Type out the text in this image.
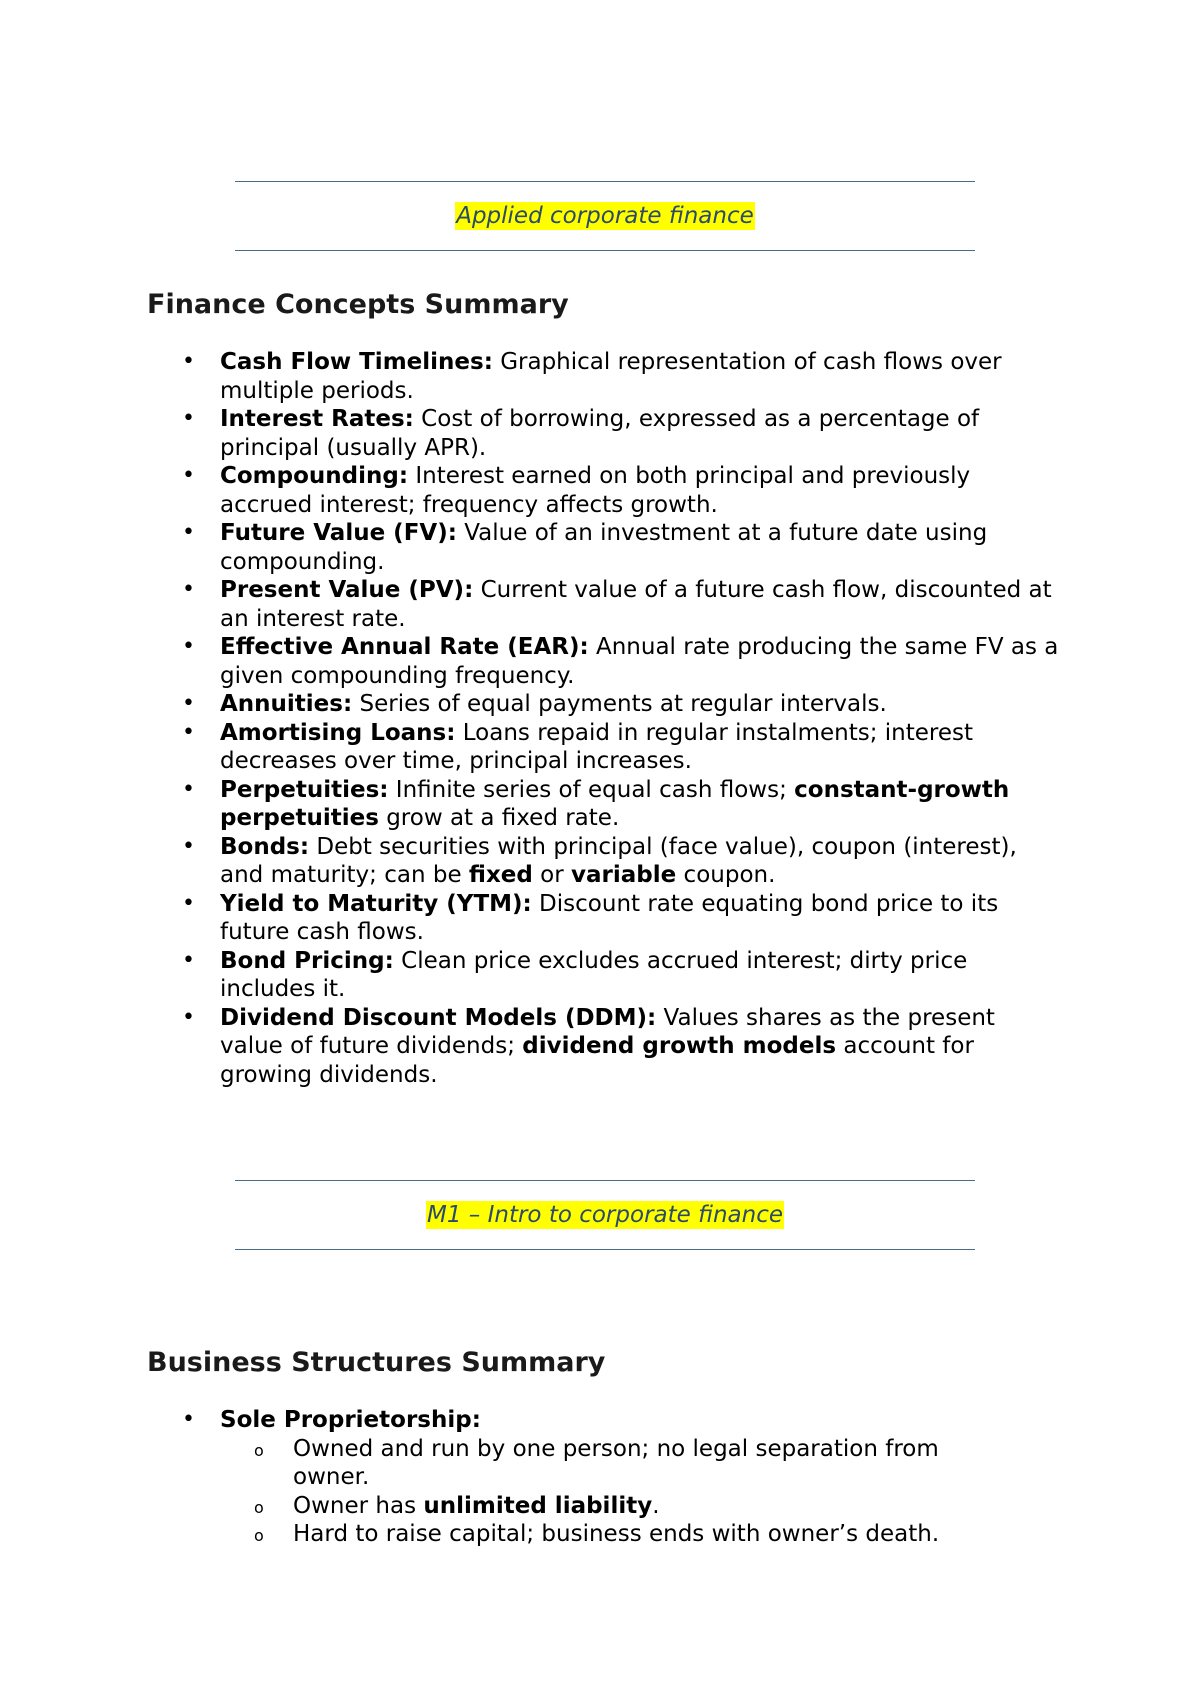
Applied corporate finance
Finance Concepts Summary
• Cash Flow Timelines: Graphical representation of cash flows over multiple periods.
• Interest Rates: Cost of borrowing, expressed as a percentage of principal (usually APR).
• Compounding: Interest earned on both principal and previously accrued interest; frequency affects growth.
• Future Value (FV): Value of an investment at a future date using compounding.
• Present Value (PV): Current value of a future cash flow, discounted at an interest rate.
• Effective Annual Rate (EAR): Annual rate producing the same FV as a given compounding frequency.
• Annuities: Series of equal payments at regular intervals.
• Amortising Loans: Loans repaid in regular instalments; interest decreases over time, principal increases.
• Perpetuities: Infinite series of equal cash flows; constant-growth perpetuities grow at a fixed rate.
• Bonds: Debt securities with principal (face value), coupon (interest), and maturity; can be fixed or variable coupon.
• Yield to Maturity (YTM): Discount rate equating bond price to its future cash flows.
• Bond Pricing: Clean price excludes accrued interest; dirty price includes it.
• Dividend Discount Models (DDM): Values shares as the present value of future dividends; dividend growth models account for growing dividends.
M1 – Intro to corporate finance
Business Structures Summary
• Sole Proprietorship:
o Owned and run by one person; no legal separation from owner.
o Owner has unlimited liability.
o Hard to raise capital; business ends with owner’s death.
